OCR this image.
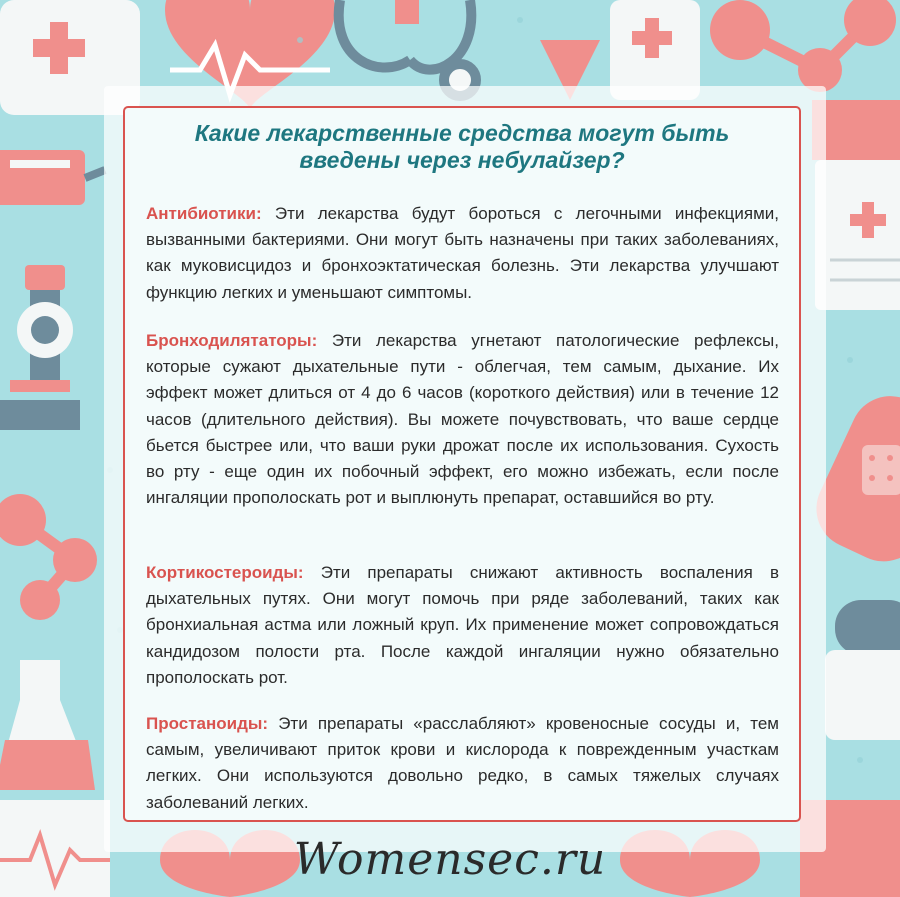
Какие лекарственные средства могут быть
введены через небулайзер?

Антибиотики: Эти лекарства будут бороться с легочными инфекциями, вызванными бактериями. Они могут быть назначены при таких заболеваниях, как муковисцидоз и бронхоэктатическая болезнь. Эти лекарства улучшают функцию легких и уменьшают симптомы.

Бронходилятаторы: Эти лекарства угнетают патологические рефлексы, которые сужают дыхательные пути - облегчая, тем самым, дыхание. Их эффект может длиться от 4 до 6 часов (короткого действия) или в течение 12 часов (длительного действия). Вы можете почувствовать, что ваше сердце бьется быстрее или, что ваши руки дрожат после их использования. Сухость во рту - еще один их побочный эффект, его можно избежать, если после ингаляции прополоскать рот и выплюнуть препарат, оставшийся во рту.

Кортикостероиды: Эти препараты снижают активность воспаления в дыхательных путях. Они могут помочь при ряде заболеваний, таких как бронхиальная астма или ложный круп. Их применение может сопровождаться кандидозом полости рта. После каждой ингаляции нужно обязательно прополоскать рот.

Простаноиды: Эти препараты «расслабляют» кровеносные сосуды и, тем самым, увеличивают приток крови и кислорода к поврежденным участкам легких. Они используются довольно редко, в самых тяжелых случаях заболеваний легких.

Womensec.ru
